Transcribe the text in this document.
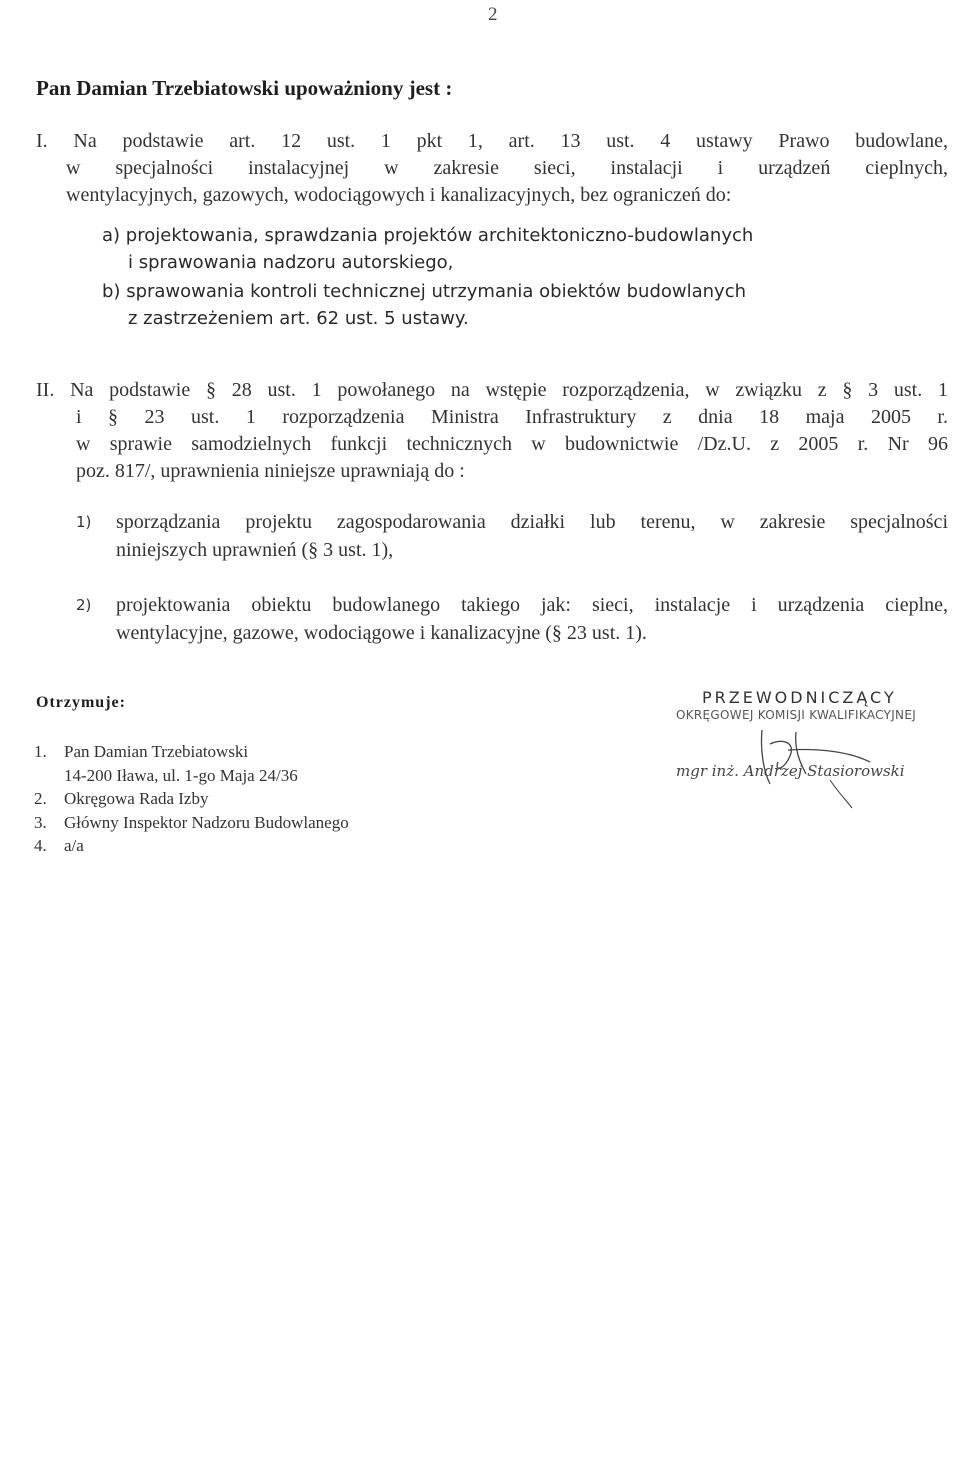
2
Pan Damian Trzebiatowski upoważniony jest :
I. Na podstawie art. 12 ust. 1 pkt 1, art. 13 ust. 4 ustawy Prawo budowlane,
w specjalności instalacyjnej w zakresie sieci, instalacji i urządzeń cieplnych,
wentylacyjnych, gazowych, wodociągowych i kanalizacyjnych, bez ograniczeń do:
a) projektowania, sprawdzania projektów architektoniczno-budowlanych
i sprawowania nadzoru autorskiego,
b) sprawowania kontroli technicznej utrzymania obiektów budowlanych
z zastrzeżeniem art. 62 ust. 5 ustawy.
II. Na podstawie § 28 ust. 1 powołanego na wstępie rozporządzenia, w związku z § 3 ust. 1
i § 23 ust. 1 rozporządzenia Ministra Infrastruktury z dnia 18 maja 2005 r.
w sprawie samodzielnych funkcji technicznych w budownictwie /Dz.U. z 2005 r. Nr 96
poz. 817/, uprawnienia niniejsze uprawniają do :
1)	sporządzania projektu zagospodarowania działki lub terenu, w zakresie specjalności
niniejszych uprawnień (§ 3 ust. 1),
2)	projektowania obiektu budowlanego takiego jak: sieci, instalacje i urządzenia cieplne,
wentylacyjne, gazowe, wodociągowe i kanalizacyjne (§ 23 ust. 1).
Otrzymuje:
1. Pan Damian Trzebiatowski
14-200 Iława, ul. 1-go Maja 24/36
2. Okręgowa Rada Izby
3. Główny Inspektor Nadzoru Budowlanego
4. a/a
PRZEWODNICZĄCY
OKRĘGOWEJ KOMISJI KWALIFIKACYJNEJ
mgr inż. Andrzej Stasiorowski
